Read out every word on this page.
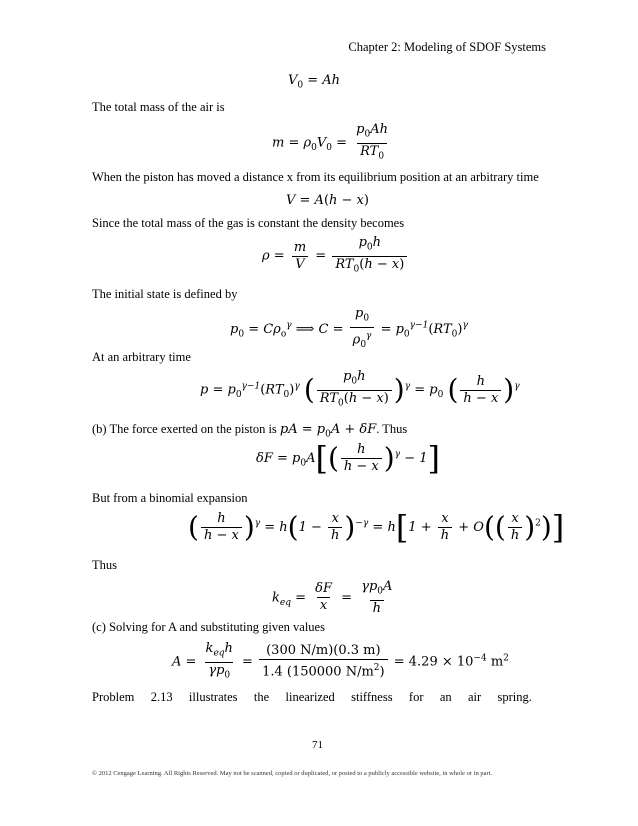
Chapter 2: Modeling of SDOF Systems
$V_0 = Ah$
The total mass of the air is
$m = \rho_0V_0 = \frac{p_0Ah}{RT_0}$
When the piston has moved a distance x from its equilibrium position at an arbitrary time
V = A(h − x)
Since the total mass of the gas is constant the density becomes
$\rho = \frac{m}{V} = \frac{p_0h}{RT_0(h - x)}$
The initial state is defined by
$p_0 = C\rho_o^\gamma$ ⟹ $C = \frac{p_0}{\rho_0^\gamma} = p_0^{\gamma-1}(RT_0)^\gamma$
At an arbitrary time
$p = p_0^{\gamma-1}(RT_0)^\gamma$ ( $\frac{p_0h}{RT_0(h - x)} )^\gamma = p_0$ ( $\frac{h}{h - x} )^\gamma$
(b) The force exerted on the piston is pA = $p_0A + \delta F$. Thus
$\delta F = p_0A[( \frac{h}{h - x} )^\gamma - 1]$
But from a binomial expansion
( $\frac{h}{h - x} )^\gamma = h(1 - \frac{x}{h} )^{-\gamma} = h[1 + \frac{x}{h} + O(( \frac{x}{h} )^2)]$
Thus
$k_{eq} = \frac{\delta F}{x} = \frac{\gamma p_0A}{h}$
(c) Solving for A and substituting given values
$A = \frac{k_{eq}h}{\gamma p_0} = \frac{(300 N/m)(0.3 m)}{1.4 (150000 N/m^2)} = 4.29 \times 10^{-4}$ $m^2$
Problem 2.13 illustrates the linearized stiffness for an air spring.
71
© 2012 Cengage Learning. All Rights Reserved. May not be scanned, copied or duplicated, or posted to a publicly accessible website, in whole or in part.
